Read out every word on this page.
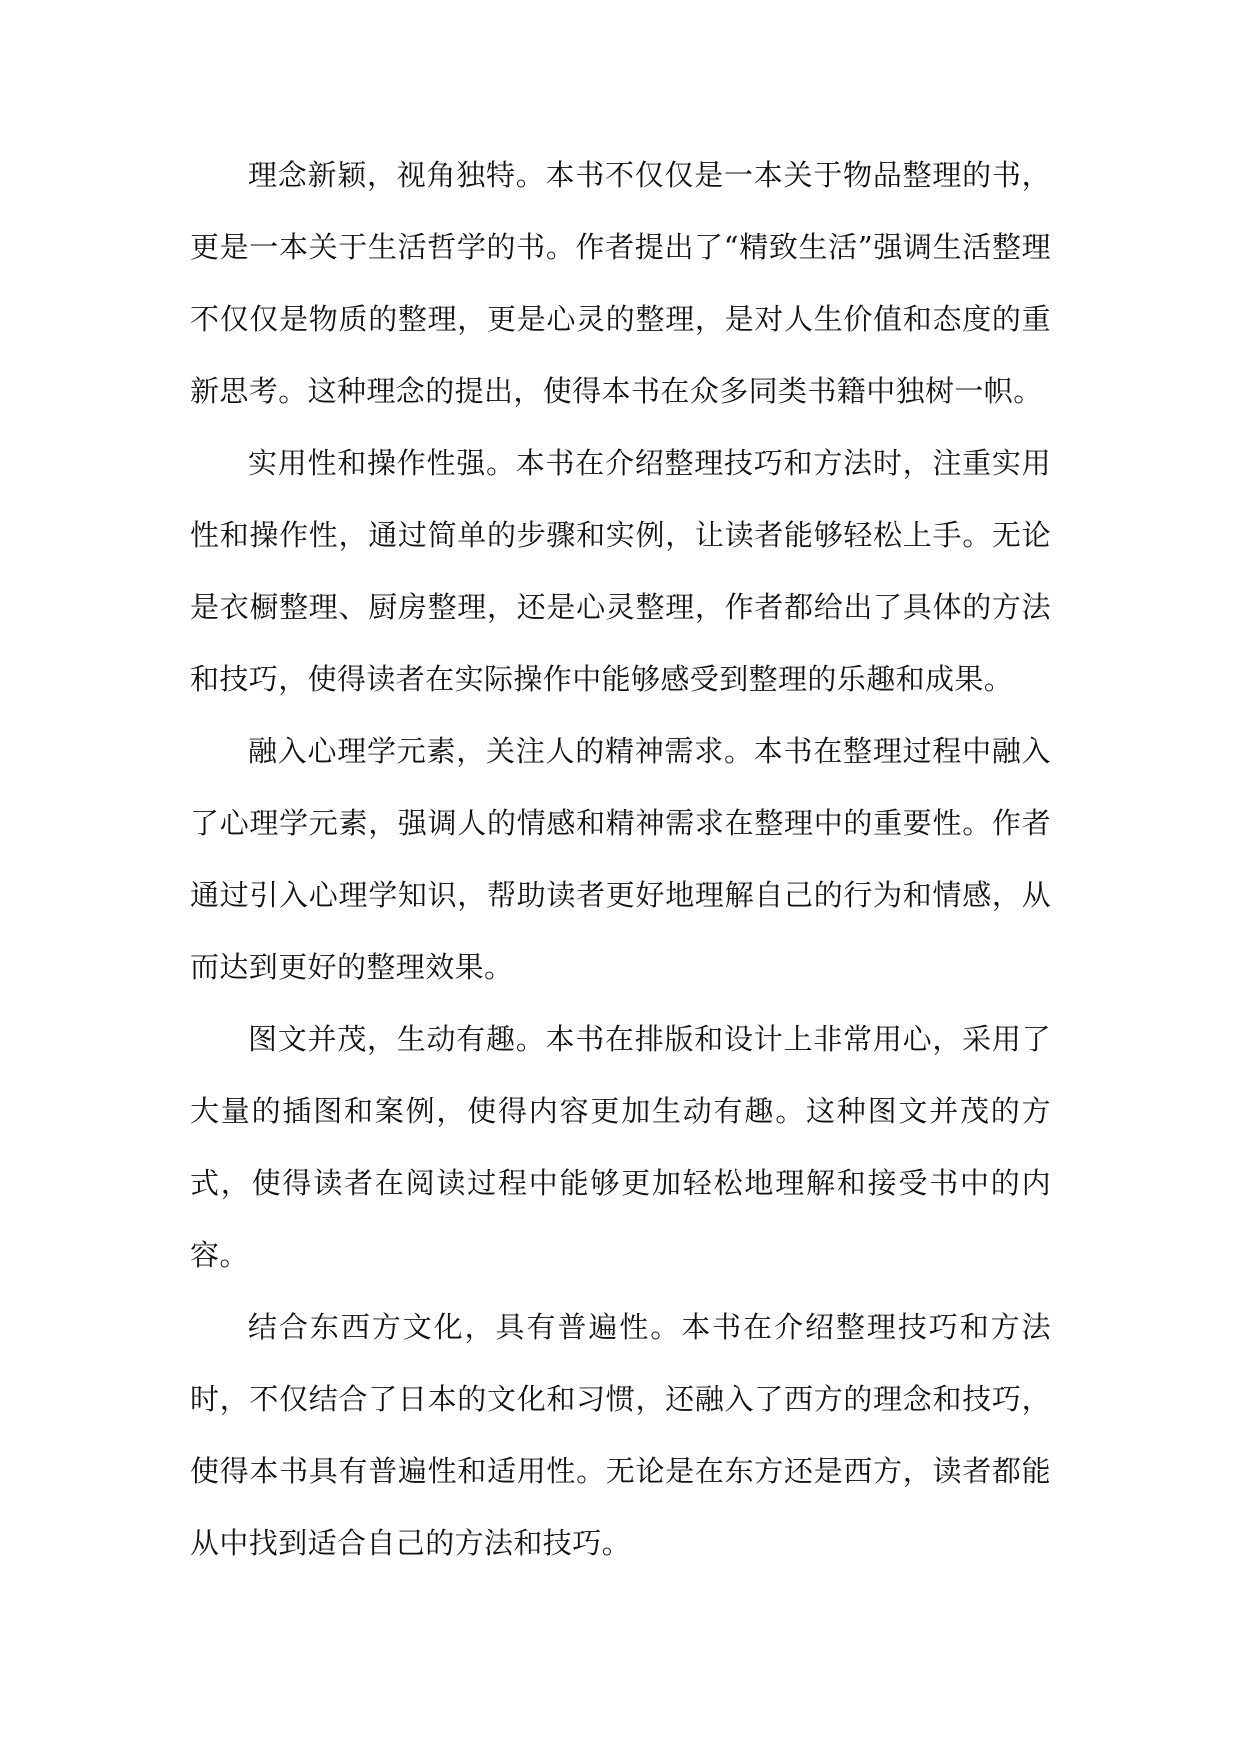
理念新颖，视角独特。本书不仅仅是一本关于物品整理的书，更是一本关于生活哲学的书。作者提出了“精致生活”强调生活整理不仅仅是物质的整理，更是心灵的整理，是对人生价值和态度的重新思考。这种理念的提出，使得本书在众多同类书籍中独树一帜。

实用性和操作性强。本书在介绍整理技巧和方法时，注重实用性和操作性，通过简单的步骤和实例，让读者能够轻松上手。无论是衣橱整理、厨房整理，还是心灵整理，作者都给出了具体的方法和技巧，使得读者在实际操作中能够感受到整理的乐趣和成果。

融入心理学元素，关注人的精神需求。本书在整理过程中融入了心理学元素，强调人的情感和精神需求在整理中的重要性。作者通过引入心理学知识，帮助读者更好地理解自己的行为和情感，从而达到更好的整理效果。

图文并茂，生动有趣。本书在排版和设计上非常用心，采用了大量的插图和案例，使得内容更加生动有趣。这种图文并茂的方式，使得读者在阅读过程中能够更加轻松地理解和接受书中的内容。

结合东西方文化，具有普遍性。本书在介绍整理技巧和方法时，不仅结合了日本的文化和习惯，还融入了西方的理念和技巧，使得本书具有普遍性和适用性。无论是在东方还是西方，读者都能从中找到适合自己的方法和技巧。
